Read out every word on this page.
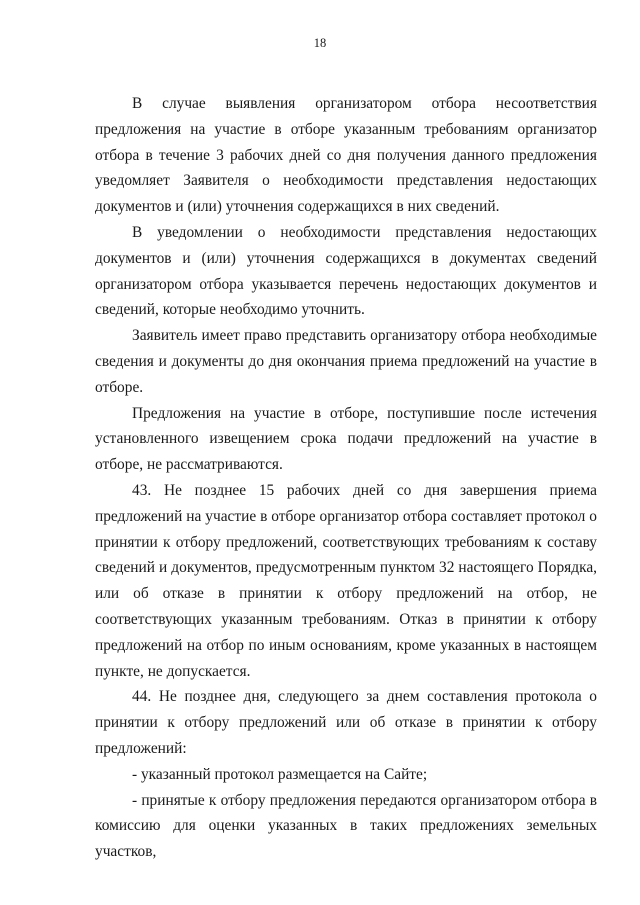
18

В случае выявления организатором отбора несоответствия предложения на участие в отборе указанным требованиям организатор отбора в течение 3 рабочих дней со дня получения данного предложения уведомляет Заявителя о необходимости представления недостающих документов и (или) уточнения содержащихся в них сведений.

В уведомлении о необходимости представления недостающих документов и (или) уточнения содержащихся в документах сведений организатором отбора указывается перечень недостающих документов и сведений, которые необходимо уточнить.

Заявитель имеет право представить организатору отбора необходимые сведения и документы до дня окончания приема предложений на участие в отборе.

Предложения на участие в отборе, поступившие после истечения установленного извещением срока подачи предложений на участие в отборе, не рассматриваются.

43. Не позднее 15 рабочих дней со дня завершения приема предложений на участие в отборе организатор отбора составляет протокол о принятии к отбору предложений, соответствующих требованиям к составу сведений и документов, предусмотренным пунктом 32 настоящего Порядка, или об отказе в принятии к отбору предложений на отбор, не соответствующих указанным требованиям. Отказ в принятии к отбору предложений на отбор по иным основаниям, кроме указанных в настоящем пункте, не допускается.

44. Не позднее дня, следующего за днем составления протокола о принятии к отбору предложений или об отказе в принятии к отбору предложений:

- указанный протокол размещается на Сайте;

- принятые к отбору предложения передаются организатором отбора в комиссию для оценки указанных в таких предложениях земельных участков,
